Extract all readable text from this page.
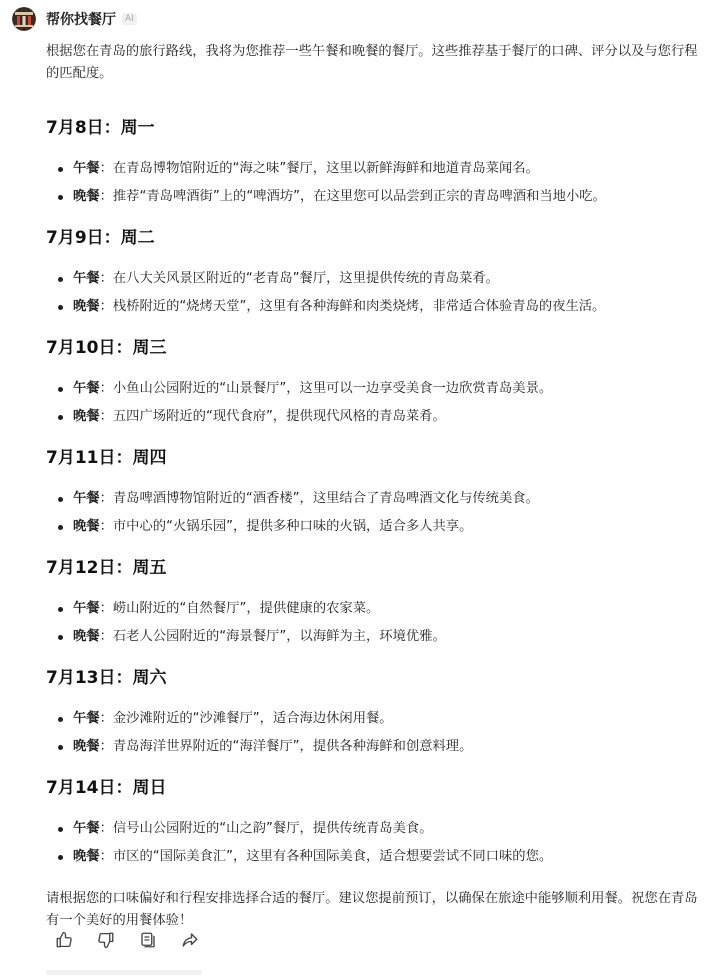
帮你找餐厅	AI

根据您在青岛的旅行路线，我将为您推荐一些午餐和晚餐的餐厅。这些推荐基于餐厅的口碑、评分以及与您行程的匹配度。

7月8日：周一
午餐：在青岛博物馆附近的“海之味”餐厅，这里以新鲜海鲜和地道青岛菜闻名。
晚餐：推荐“青岛啤酒街”上的“啤酒坊”，在这里您可以品尝到正宗的青岛啤酒和当地小吃。
7月9日：周二
午餐：在八大关风景区附近的“老青岛”餐厅，这里提供传统的青岛菜肴。
晚餐：栈桥附近的“烧烤天堂”，这里有各种海鲜和肉类烧烤，非常适合体验青岛的夜生活。
7月10日：周三
午餐：小鱼山公园附近的“山景餐厅”，这里可以一边享受美食一边欣赏青岛美景。
晚餐：五四广场附近的“现代食府”，提供现代风格的青岛菜肴。
7月11日：周四
午餐：青岛啤酒博物馆附近的“酒香楼”，这里结合了青岛啤酒文化与传统美食。
晚餐：市中心的“火锅乐园”，提供多种口味的火锅，适合多人共享。
7月12日：周五
午餐：崂山附近的“自然餐厅”，提供健康的农家菜。
晚餐：石老人公园附近的“海景餐厅”，以海鲜为主，环境优雅。
7月13日：周六
午餐：金沙滩附近的“沙滩餐厅”，适合海边休闲用餐。
晚餐：青岛海洋世界附近的“海洋餐厅”，提供各种海鲜和创意料理。
7月14日：周日
午餐：信号山公园附近的“山之韵”餐厅，提供传统青岛美食。
晚餐：市区的“国际美食汇”，这里有各种国际美食，适合想要尝试不同口味的您。

请根据您的口味偏好和行程安排选择合适的餐厅。建议您提前预订，以确保在旅途中能够顺利用餐。祝您在青岛有一个美好的用餐体验！
